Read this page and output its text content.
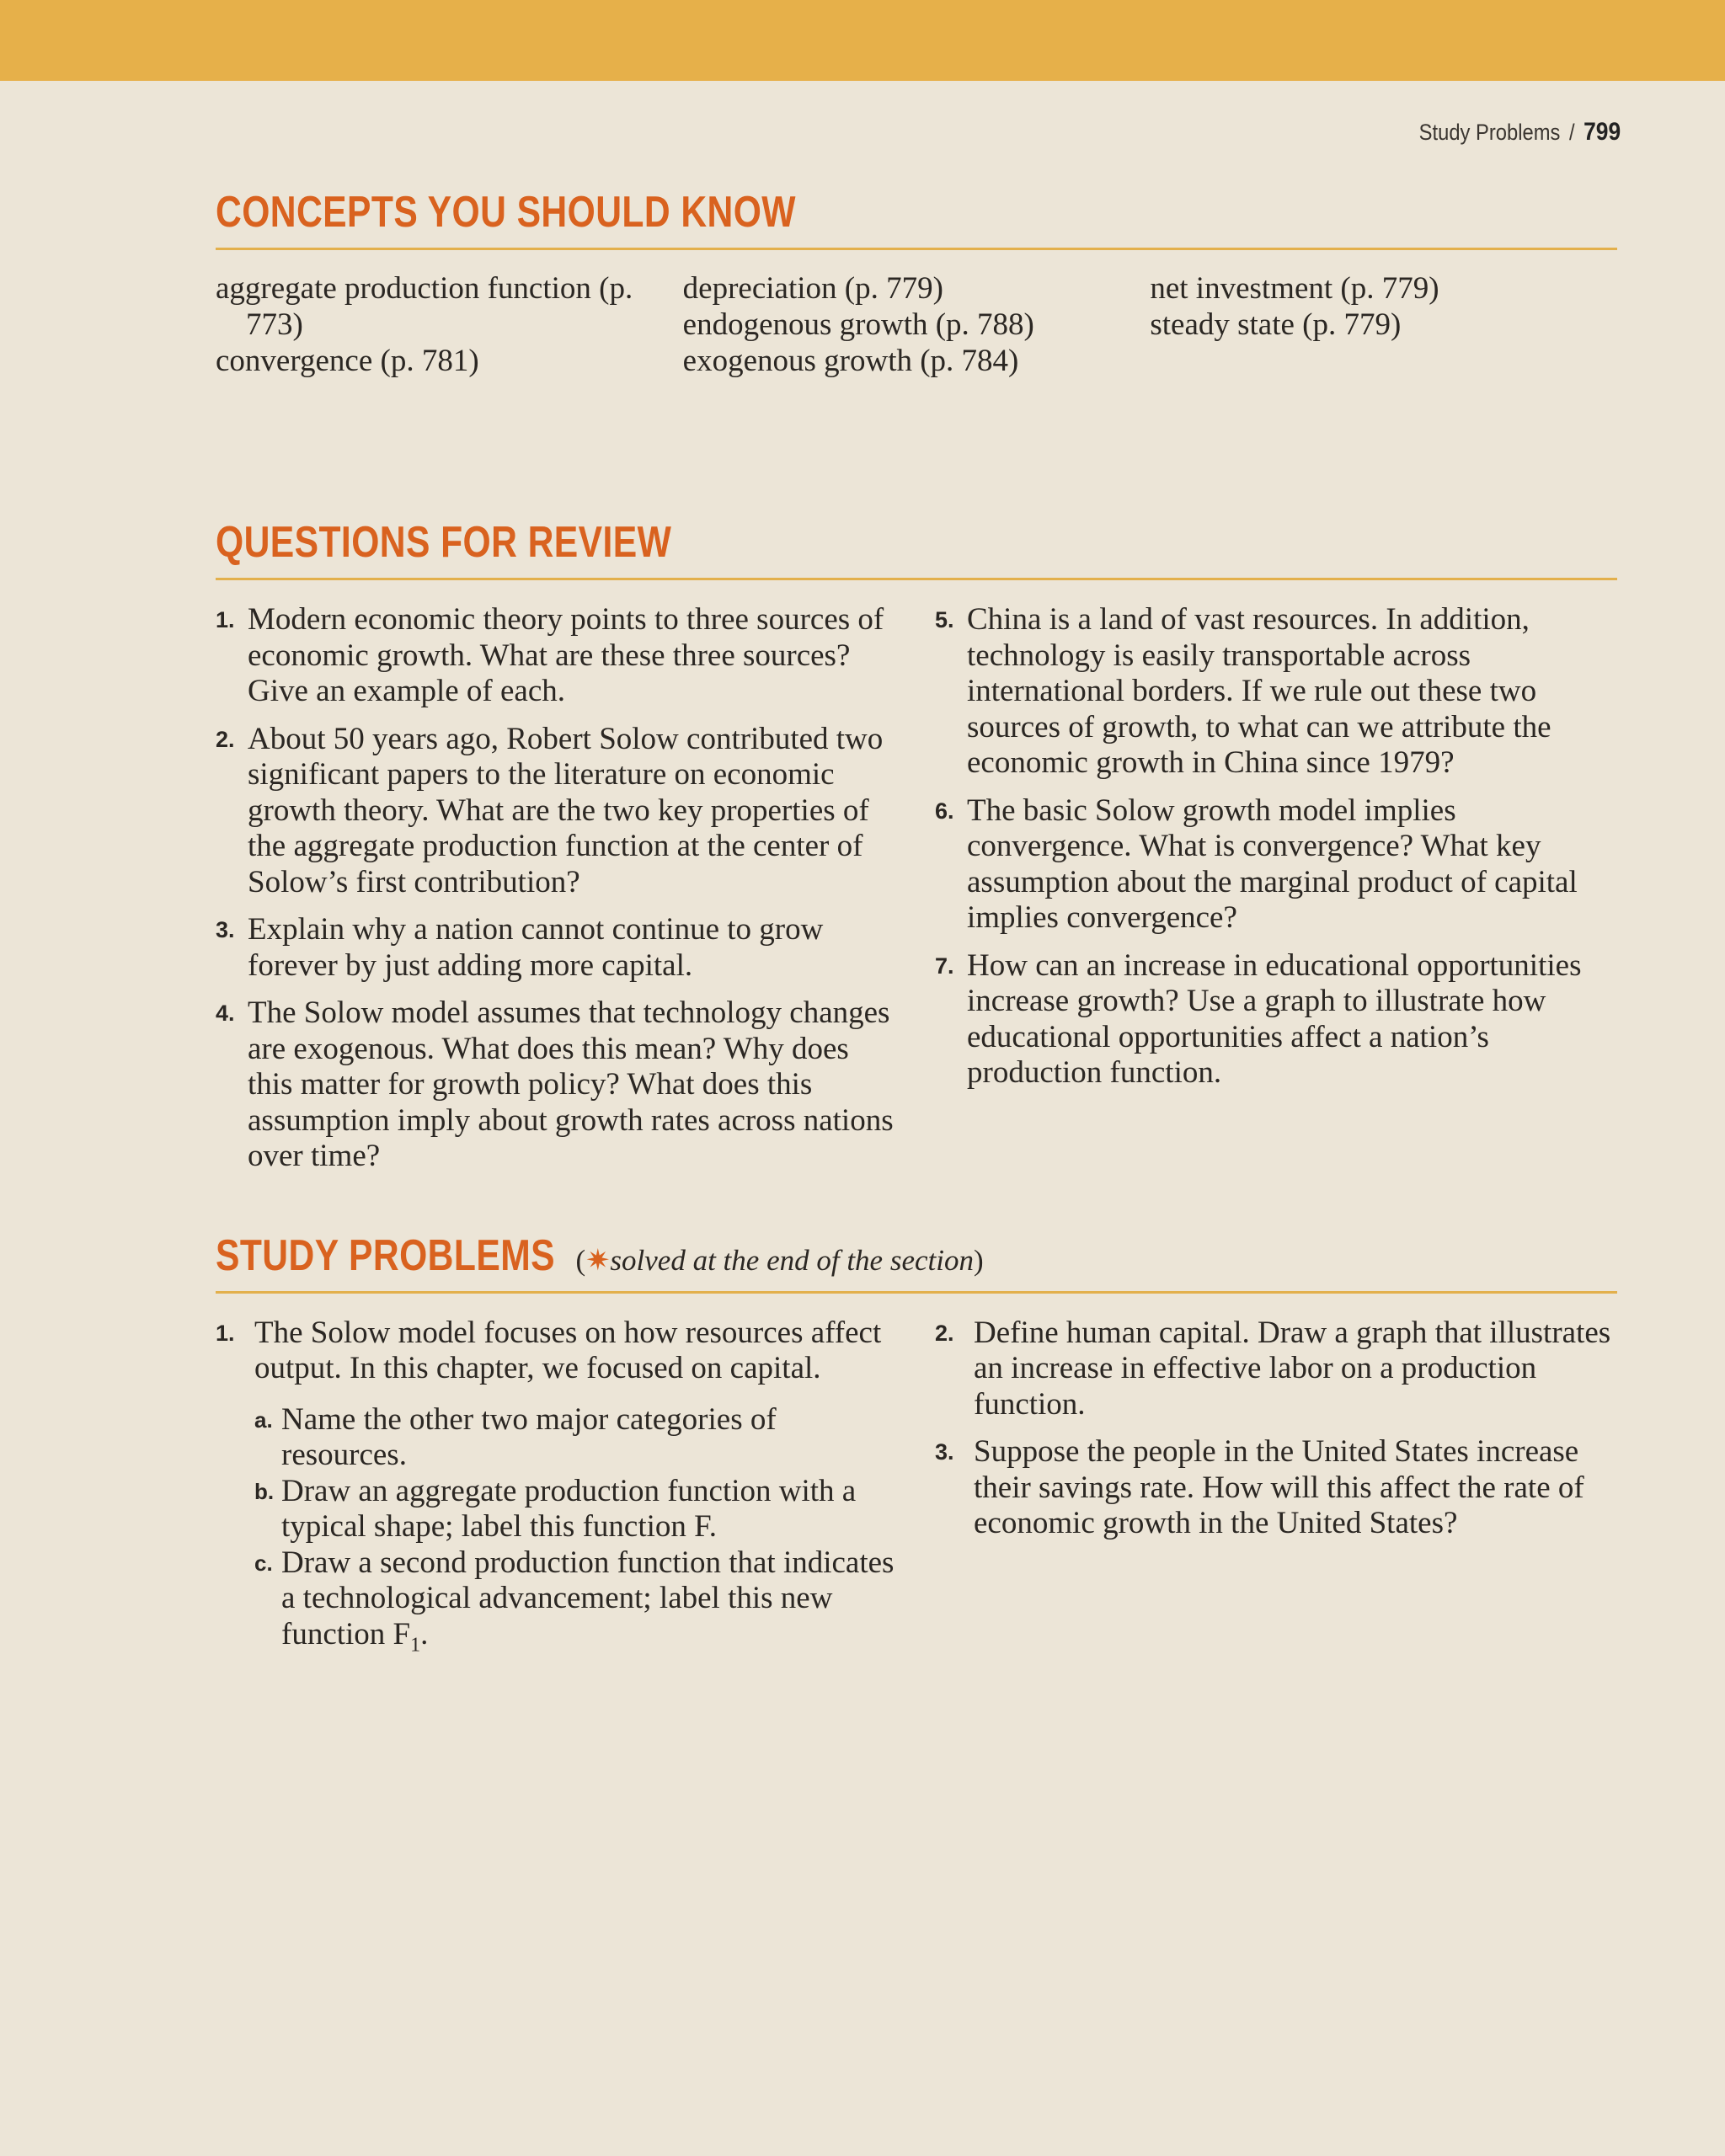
Study Problems / 799
CONCEPTS YOU SHOULD KNOW
aggregate production function (p. 773)
convergence (p. 781)
depreciation (p. 779)
endogenous growth (p. 788)
exogenous growth (p. 784)
net investment (p. 779)
steady state (p. 779)
QUESTIONS FOR REVIEW
1. Modern economic theory points to three sources of economic growth. What are these three sources? Give an example of each.
2. About 50 years ago, Robert Solow contributed two significant papers to the literature on economic growth theory. What are the two key properties of the aggregate production function at the center of Solow’s first contribution?
3. Explain why a nation cannot continue to grow forever by just adding more capital.
4. The Solow model assumes that technology changes are exogenous. What does this mean? Why does this matter for growth policy? What does this assumption imply about growth rates across nations over time?
5. China is a land of vast resources. In addition, technology is easily transportable across international borders. If we rule out these two sources of growth, to what can we attribute the economic growth in China since 1979?
6. The basic Solow growth model implies convergence. What is convergence? What key assumption about the marginal product of capital implies convergence?
7. How can an increase in educational opportunities increase growth? Use a graph to illustrate how educational opportunities affect a nation’s production function.
STUDY PROBLEMS (✷solved at the end of the section)
1. The Solow model focuses on how resources affect output. In this chapter, we focused on capital.
a. Name the other two major categories of resources.
b. Draw an aggregate production function with a typical shape; label this function F.
c. Draw a second production function that indicates a technological advancement; label this new function $F_1$.
2. Define human capital. Draw a graph that illustrates an increase in effective labor on a production function.
3. Suppose the people in the United States increase their savings rate. How will this affect the rate of economic growth in the United States?
